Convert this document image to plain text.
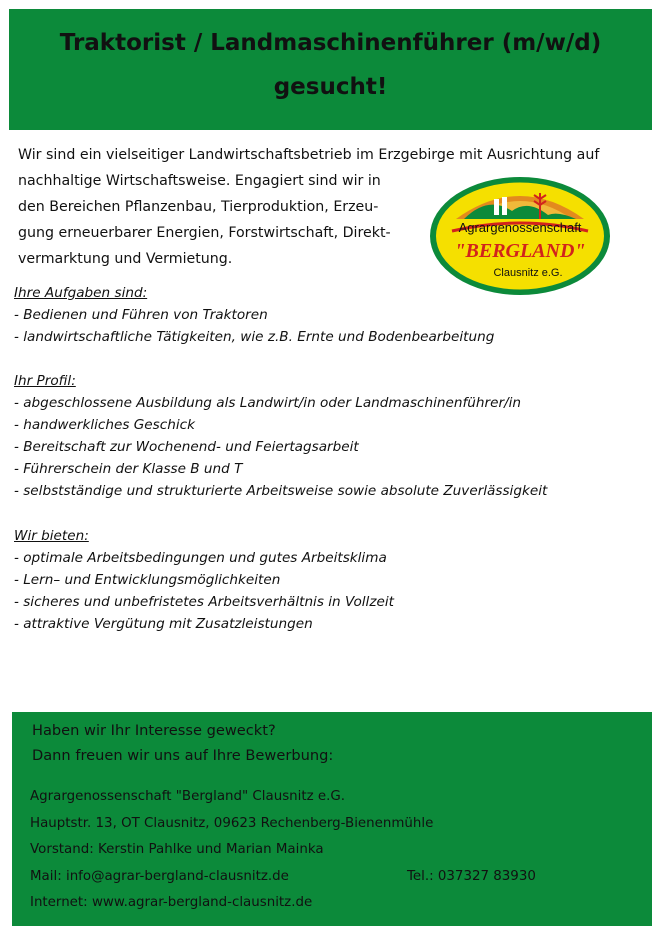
Traktorist / Landmaschinenführer (m/w/d)
gesucht!
Wir sind ein vielseitiger Landwirtschaftsbetrieb im Erzgebirge mit Ausrichtung auf
nachhaltige Wirtschaftsweise. Engagiert sind wir in
den Bereichen Pflanzenbau, Tierproduktion, Erzeu-
gung erneuerbarer Energien, Forstwirtschaft, Direkt-
vermarktung und Vermietung.
Agrargenossenschaft
"BERGLAND"
Clausnitz e.G.
Ihre Aufgaben sind:
- Bedienen und Führen von Traktoren
- landwirtschaftliche Tätigkeiten, wie z.B. Ernte und Bodenbearbeitung
Ihr Profil:
- abgeschlossene Ausbildung als Landwirt/in oder Landmaschinenführer/in
- handwerkliches Geschick
- Bereitschaft zur Wochenend- und Feiertagsarbeit
- Führerschein der Klasse B und T
- selbstständige und strukturierte Arbeitsweise sowie absolute Zuverlässigkeit
Wir bieten:
- optimale Arbeitsbedingungen und gutes Arbeitsklima
- Lern– und Entwicklungsmöglichkeiten
- sicheres und unbefristetes Arbeitsverhältnis in Vollzeit
- attraktive Vergütung mit Zusatzleistungen
Haben wir Ihr Interesse geweckt?
Dann freuen wir uns auf Ihre Bewerbung:
Agrargenossenschaft "Bergland" Clausnitz e.G.
Hauptstr. 13, OT Clausnitz, 09623 Rechenberg-Bienenmühle
Vorstand: Kerstin Pahlke und Marian Mainka
Mail: info@agrar-bergland-clausnitz.de	Tel.: 037327 83930
Internet: www.agrar-bergland-clausnitz.de
